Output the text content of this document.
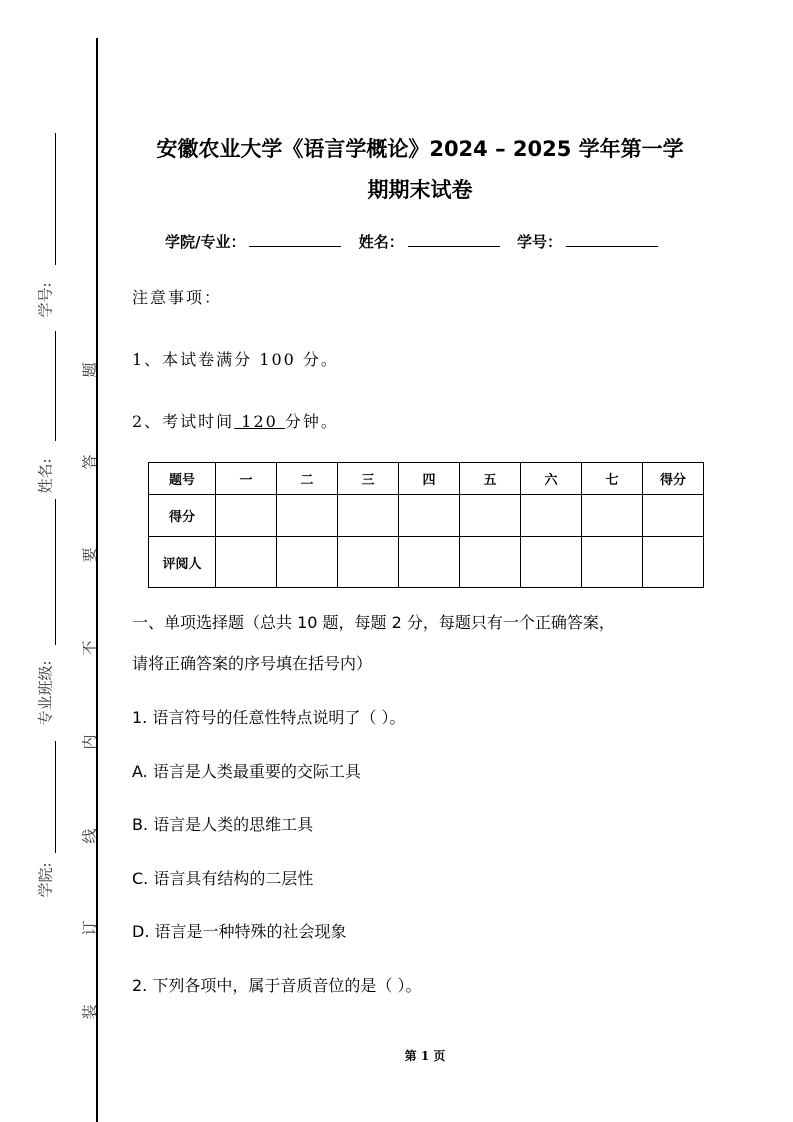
学号:
姓名:
专业班级:
学院:
题
答
要
不
内
线
订
装
安徽农业大学《语言学概论》2024 – 2025 学年第一学
期期末试卷
学院/专业：	姓名：	学号：
注意事项：
1、本试卷满分 100 分。
2、考试时间 120 分钟。
题号	一	二	三	四	五	六	七	得分
得分								
评阅人								
一、单项选择题（总共 10 题，每题 2 分，每题只有一个正确答案，
请将正确答案的序号填在括号内）
1. 语言符号的任意性特点说明了（ ）。
A. 语言是人类最重要的交际工具
B. 语言是人类的思维工具
C. 语言具有结构的二层性
D. 语言是一种特殊的社会现象
2. 下列各项中，属于音质音位的是（ ）。
第 1 页
